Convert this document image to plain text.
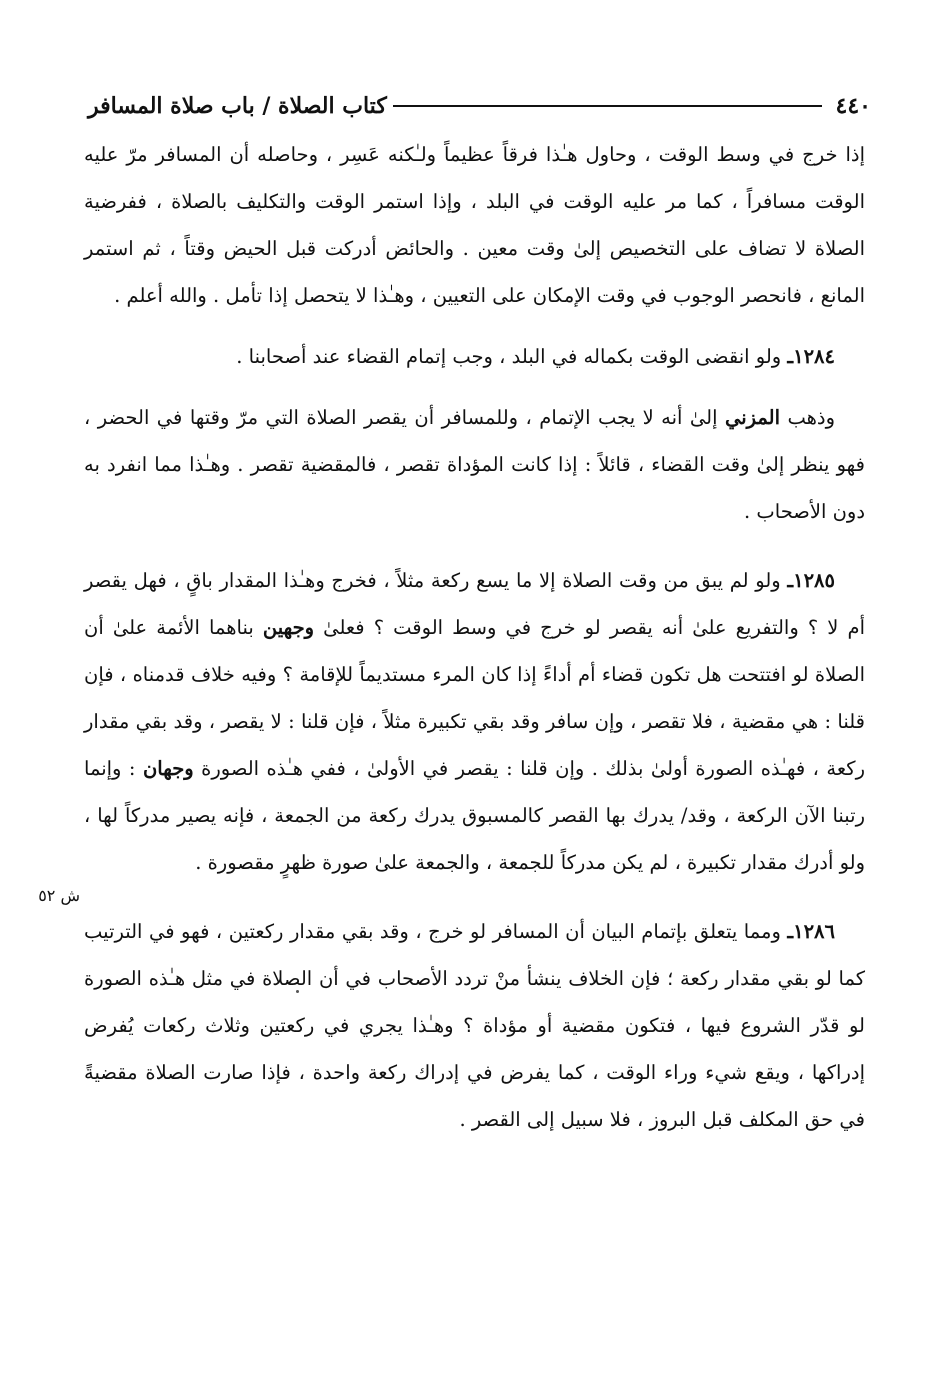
٤٤٠
كتاب الصلاة / باب صلاة المسافر
ش ٥٢

إذا خرج في وسط الوقت ، وحاول هـٰذا فرقاً عظيماً ولـٰكنه عَسِر ، وحاصله أن المسافر مرّ عليه الوقت مسافراً ، كما مر عليه الوقت في البلد ، وإذا استمر الوقت والتكليف بالصلاة ، ففرضية الصلاة لا تضاف على التخصيص إلىٰ وقت معين . والحائض أدركت قبل الحيض وقتاً ، ثم استمر المانع ، فانحصر الوجوب في وقت الإمكان على التعيين ، وهـٰذا لا يتحصل إذا تأمل . والله أعلم .

١٢٨٤ـ ولو انقضى الوقت بكماله في البلد ، وجب إتمام القضاء عند أصحابنا .

وذهب المزني إلىٰ أنه لا يجب الإتمام ، وللمسافر أن يقصر الصلاة التي مرّ وقتها في الحضر ، فهو ينظر إلىٰ وقت القضاء ، قائلاً : إذا كانت المؤداة تقصر ، فالمقضية تقصر . وهـٰذا مما انفرد به دون الأصحاب .

١٢٨٥ـ ولو لم يبق من وقت الصلاة إلا ما يسع ركعة مثلاً ، فخرج وهـٰذا المقدار باقٍ ، فهل يقصر أم لا ؟ والتفريع علىٰ أنه يقصر لو خرج في وسط الوقت ؟ فعلىٰ وجهين بناهما الأئمة علىٰ أن الصلاة لو افتتحت هل تكون قضاء أم أداءً إذا كان المرء مستديماً للإقامة ؟ وفيه خلاف قدمناه ، فإن قلنا : هي مقضية ، فلا تقصر ، وإن سافر وقد بقي تكبيرة مثلاً ، فإن قلنا : لا يقصر ، وقد بقي مقدار ركعة ، فهـٰذه الصورة أولىٰ بذلك . وإن قلنا : يقصر في الأولىٰ ، ففي هـٰذه الصورة وجهان : وإنما رتبنا الآن الركعة ، وقد/ يدرك بها القصر كالمسبوق يدرك ركعة من الجمعة ، فإنه يصير مدركاً لها ، ولو أدرك مقدار تكبيرة ، لم يكن مدركاً للجمعة ، والجمعة علىٰ صورة ظهرٍ مقصورة .

١٢٨٦ـ ومما يتعلق بإتمام البيان أن المسافر لو خرج ، وقد بقي مقدار ركعتين ، فهو في الترتيب كما لو بقي مقدار ركعة ؛ فإن الخلاف ينشأ منْ تردد الأصحاب في أن الصلاة في مثل هـٰذه الصورة لو قدّر الشروع فيها ، فتكون مقضية أو مؤداة ؟ وهـٰذا يجري في ركعتين وثلاث ركعات يُفرض إدراكها ، ويقع شيء وراء الوقت ، كما يفرض في إدراك ركعة واحدة ، فإذا صارت الصلاة مقضيةً في حق المكلف قبل البروز ، فلا سبيل إلى القصر .
